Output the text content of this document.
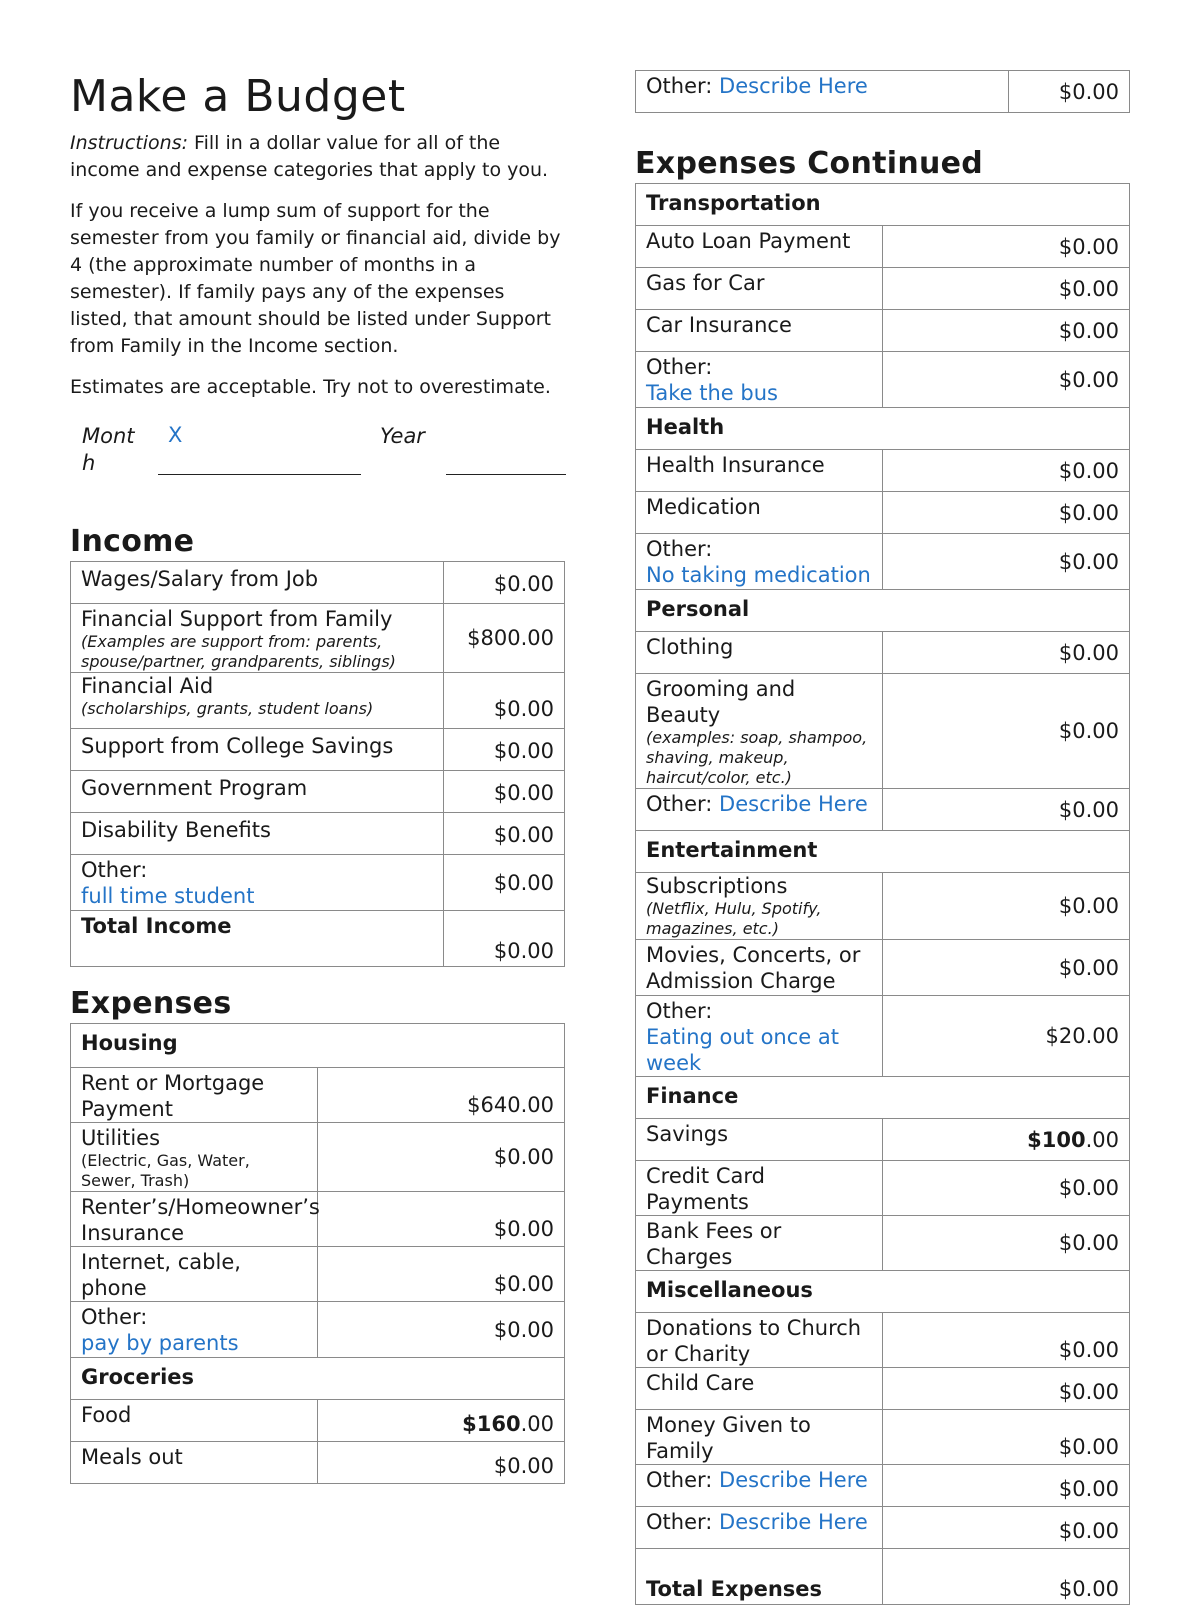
Make a Budget

Instructions: Fill in a dollar value for all of the income and expense categories that apply to you.

If you receive a lump sum of support for the semester from you family or financial aid, divide by 4 (the approximate number of months in a semester). If family pays any of the expenses listed, that amount should be listed under Support from Family in the Income section.

Estimates are acceptable. Try not to overestimate.

Mont
h
X	Year
Income
Wages/Salary from Job	$0.00
Financial Support from Family
(Examples are support from: parents, spouse/partner, grandparents, siblings)	$800.00
Financial Aid
(scholarships, grants, student loans)	$0.00
Support from College Savings	$0.00
Government Program	$0.00
Disability Benefits	$0.00
Other:
full time student	$0.00
Total Income	$0.00
Expenses
Housing	
Rent or Mortgage Payment	$640.00
Utilities
(Electric, Gas, Water, Sewer, Trash)	$0.00
Renter’s/Homeowner’s Insurance	$0.00
Internet, cable, phone	$0.00
Other:
pay by parents	$0.00
Groceries	
Food	$160.00
Meals out	$0.00
Other: Describe Here	$0.00
Expenses Continued
Transportation	
Auto Loan Payment	$0.00
Gas for Car	$0.00
Car Insurance	$0.00
Other:
Take the bus	$0.00
Health	
Health Insurance	$0.00
Medication	$0.00
Other:
No taking medication	$0.00
Personal	
Clothing	$0.00
Grooming and Beauty
(examples: soap, shampoo, shaving, makeup, haircut/color, etc.)	$0.00
Other: Describe Here	$0.00
Entertainment	
Subscriptions
(Netflix, Hulu, Spotify, magazines, etc.)	$0.00
Movies, Concerts, or Admission Charge	$0.00
Other:
Eating out once at week	$20.00
Finance	
Savings	$100.00
Credit Card Payments	$0.00
Bank Fees or Charges	$0.00
Miscellaneous	
Donations to Church or Charity	$0.00
Child Care	$0.00
Money Given to Family	$0.00
Other: Describe Here	$0.00
Other: Describe Here	$0.00
Total Expenses	$0.00
